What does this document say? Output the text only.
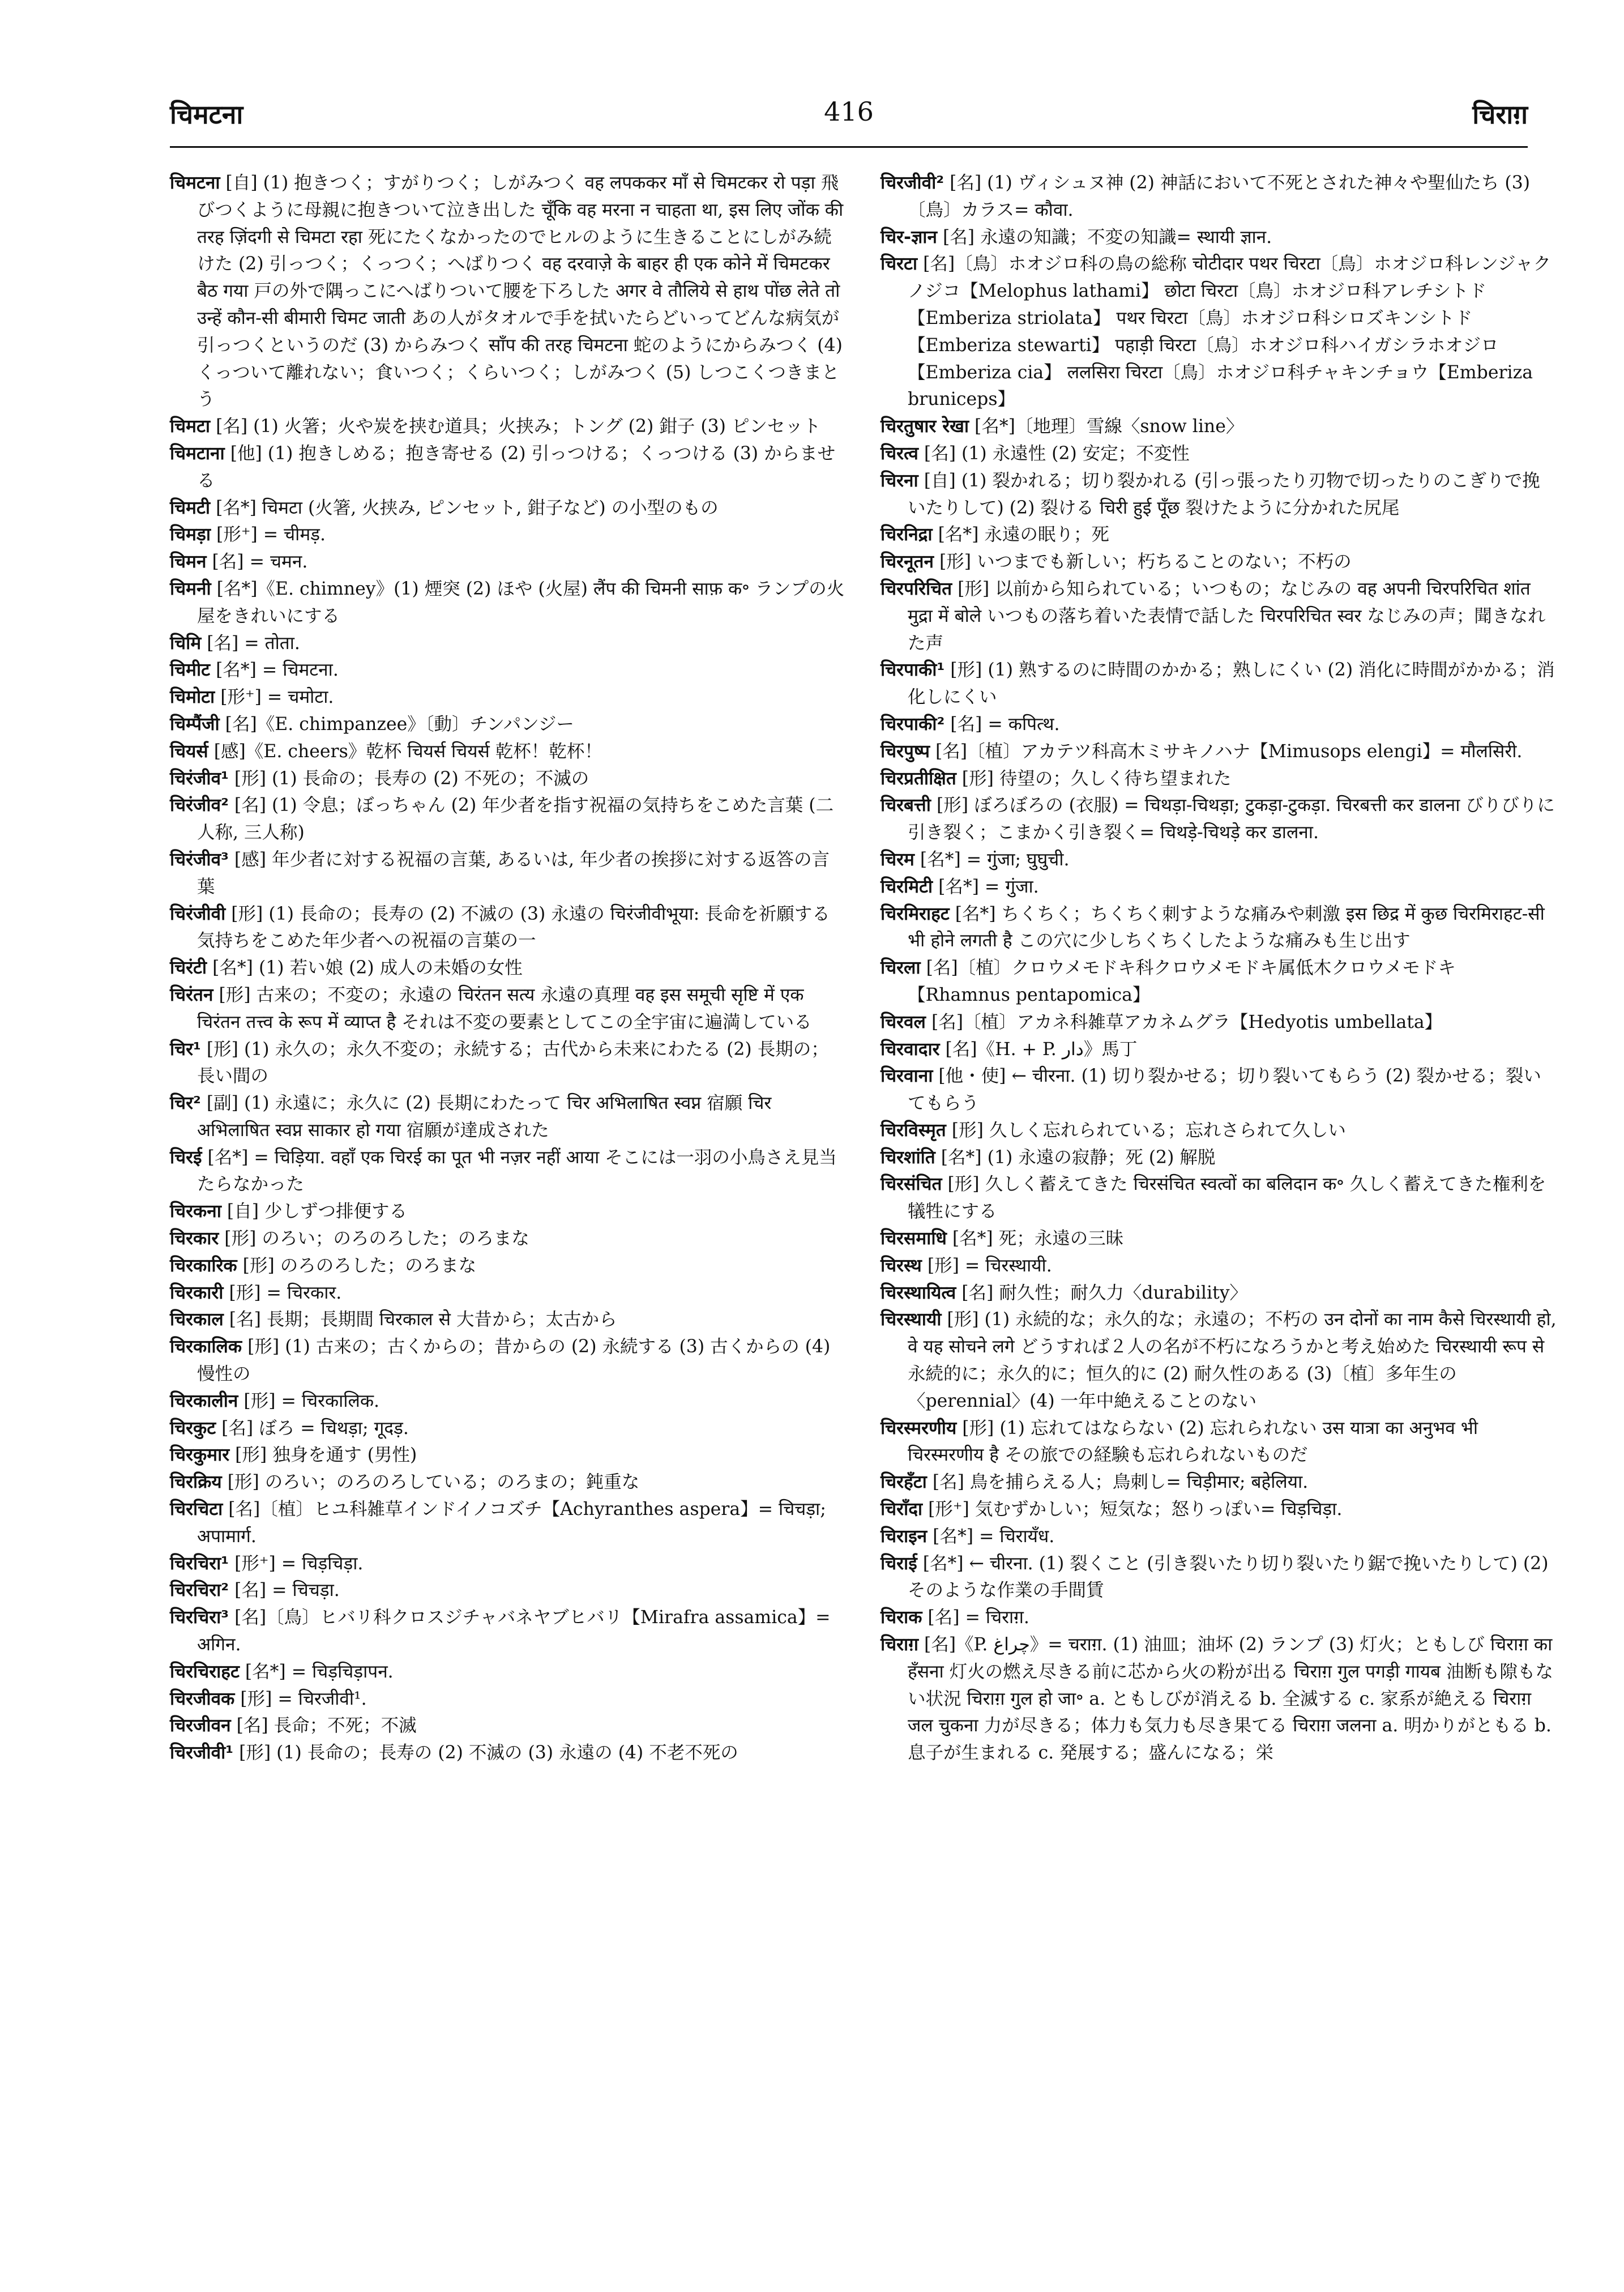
चिमटना	416	चिराग़

चिमटना [自] (1) 抱きつく；すがりつく；しがみつく वह लपककर माँ से चिमटकर रो पड़ा 飛びつくように母親に抱きついて泣き出した चूँकि वह मरना न चाहता था, इस लिए जोंक की तरह ज़िंदगी से चिमटा रहा 死にたくなかったのでヒルのように生きることにしがみ続けた (2) 引っつく；くっつく；へばりつく वह दरवाज़े के बाहर ही एक कोने में चिमटकर बैठ गया 戸の外で隅っこにへばりついて腰を下ろした अगर वे तौलिये से हाथ पोंछ लेते तो उन्हें कौन-सी बीमारी चिमट जाती あの人がタオルで手を拭いたらどいってどんな病気が引っつくというのだ (3) からみつく साँप की तरह चिमटना 蛇のようにからみつく (4) くっついて離れない；食いつく；くらいつく；しがみつく (5) しつこくつきまとう

चिमटा [名] (1) 火箸；火や炭を挟む道具；火挟み；トング (2) 鉗子 (3) ピンセット

चिमटाना [他] (1) 抱きしめる；抱き寄せる (2) 引っつける；くっつける (3) からませる

चिमटी [名*] चिमटा (火箸, 火挟み, ピンセット, 鉗子など) の小型のもの

चिमड़ा [形⁺] = चीमड़.

चिमन [名] = चमन.

चिमनी [名*]《E. chimney》(1) 煙突 (2) ほや (火屋) लैंप की चिमनी साफ़ क॰ ランプの火屋をきれいにする

चिमि [名] = तोता.

चिमीट [名*] = चिमटना.

चिमोटा [形⁺] = चमोटा.

चिम्पैंजी [名]《E. chimpanzee》〔動〕チンパンジー

चियर्स [感]《E. cheers》乾杯 चियर्स चियर्स 乾杯！乾杯！

चिरंजीव¹ [形] (1) 長命の；長寿の (2) 不死の；不滅の

चिरंजीव² [名] (1) 令息；ぼっちゃん (2) 年少者を指す祝福の気持ちをこめた言葉 (二人称, 三人称)

चिरंजीव³ [感] 年少者に対する祝福の言葉, あるいは, 年少者の挨拶に対する返答の言葉

चिरंजीवी [形] (1) 長命の；長寿の (2) 不滅の (3) 永遠の चिरंजीवीभूया: 長命を祈願する気持ちをこめた年少者への祝福の言葉の一

चिरंटी [名*] (1) 若い娘 (2) 成人の未婚の女性

चिरंतन [形] 古来の；不変の；永遠の चिरंतन सत्य 永遠の真理 वह इस समूची सृष्टि में एक चिरंतन तत्त्व के रूप में व्याप्त है それは不変の要素としてこの全宇宙に遍満している

चिर¹ [形] (1) 永久の；永久不変の；永続する；古代から未来にわたる (2) 長期の；長い間の

चिर² [副] (1) 永遠に；永久に (2) 長期にわたって चिर अभिलाषित स्वप्न 宿願 चिर अभिलाषित स्वप्न साकार हो गया 宿願が達成された

चिरई [名*] = चिड़िया. वहाँ एक चिरई का पूत भी नज़र नहीं आया そこには一羽の小鳥さえ見当たらなかった

चिरकना [自] 少しずつ排便する

चिरकार [形] のろい；のろのろした；のろまな

चिरकारिक [形] のろのろした；のろまな

चिरकारी [形] = चिरकार.

चिरकाल [名] 長期；長期間 चिरकाल से 大昔から；太古から

चिरकालिक [形] (1) 古来の；古くからの；昔からの (2) 永続する (3) 古くからの (4) 慢性の

चिरकालीन [形] = चिरकालिक.

चिरकुट [名] ぼろ = चिथड़ा; गूदड़.

चिरकुमार [形] 独身を通す (男性)

चिरक्रिय [形] のろい；のろのろしている；のろまの；鈍重な

चिरचिटा [名]〔植〕ヒユ科雑草インドイノコズチ【Achyranthes aspera】= चिचड़ा; अपामार्ग.

चिरचिरा¹ [形⁺] = चिड़चिड़ा.

चिरचिरा² [名] = चिचड़ा.

चिरचिरा³ [名]〔鳥〕ヒバリ科クロスジチャバネヤブヒバリ【Mirafra assamica】= अगिन.

चिरचिराहट [名*] = चिड़चिड़ापन.

चिरजीवक [形] = चिरजीवी¹.

चिरजीवन [名] 長命；不死；不滅

चिरजीवी¹ [形] (1) 長命の；長寿の (2) 不滅の (3) 永遠の (4) 不老不死の

चिरजीवी² [名] (1) ヴィシュヌ神 (2) 神話において不死とされた神々や聖仙たち (3)〔鳥〕カラス= कौवा.

चिर-ज्ञान [名] 永遠の知識；不変の知識= स्थायी ज्ञान.

चिरटा [名]〔鳥〕ホオジロ科の鳥の総称 चोटीदार पथर चिरटा〔鳥〕ホオジロ科レンジャクノジコ【Melophus lathami】 छोटा चिरटा〔鳥〕ホオジロ科アレチシトド【Emberiza striolata】 पथर चिरटा〔鳥〕ホオジロ科シロズキンシトド【Emberiza stewarti】 पहाड़ी चिरटा〔鳥〕ホオジロ科ハイガシラホオジロ【Emberiza cia】 ललसिरा चिरटा〔鳥〕ホオジロ科チャキンチョウ【Emberiza bruniceps】

चिरतुषार रेखा [名*]〔地理〕雪線〈snow line〉

चिरत्व [名] (1) 永遠性 (2) 安定；不変性

चिरना [自] (1) 裂かれる；切り裂かれる (引っ張ったり刃物で切ったりのこぎりで挽いたりして) (2) 裂ける चिरी हुई पूँछ 裂けたように分かれた尻尾

चिरनिद्रा [名*] 永遠の眠り；死

चिरनूतन [形] いつまでも新しい；朽ちることのない；不朽の

चिरपरिचित [形] 以前から知られている；いつもの；なじみの वह अपनी चिरपरिचित शांत मुद्रा में बोले いつもの落ち着いた表情で話した चिरपरिचित स्वर なじみの声；聞きなれた声

चिरपाकी¹ [形] (1) 熟するのに時間のかかる；熟しにくい (2) 消化に時間がかかる；消化しにくい

चिरपाकी² [名] = कपित्थ.

चिरपुष्प [名]〔植〕アカテツ科高木ミサキノハナ【Mimusops elengi】= मौलसिरी.

चिरप्रतीक्षित [形] 待望の；久しく待ち望まれた

चिरबत्ती [形] ぼろぼろの (衣服) = चिथड़ा-चिथड़ा; टुकड़ा-टुकड़ा. चिरबत्ती कर डालना びりびりに引き裂く；こまかく引き裂く= चिथड़े-चिथड़े कर डालना.

चिरम [名*] = गुंजा; घुघुची.

चिरमिटी [名*] = गुंजा.

चिरमिराहट [名*] ちくちく；ちくちく刺すような痛みや刺激 इस छिद्र में कुछ चिरमिराहट-सी भी होने लगती है この穴に少しちくちくしたような痛みも生じ出す

चिरला [名]〔植〕クロウメモドキ科クロウメモドキ属低木クロウメモドキ【Rhamnus pentapomica】

चिरवल [名]〔植〕アカネ科雑草アカネムグラ【Hedyotis umbellata】

चिरवादार [名]《H. + P. دار》馬丁

चिरवाना [他・使] ← चीरना. (1) 切り裂かせる；切り裂いてもらう (2) 裂かせる；裂いてもらう

चिरविस्मृत [形] 久しく忘れられている；忘れさられて久しい

चिरशांति [名*] (1) 永遠の寂静；死 (2) 解脱

चिरसंचित [形] 久しく蓄えてきた चिरसंचित स्वत्वों का बलिदान क॰ 久しく蓄えてきた権利を犠牲にする

चिरसमाधि [名*] 死；永遠の三昧

चिरस्थ [形] = चिरस्थायी.

चिरस्थायित्व [名] 耐久性；耐久力〈durability〉

चिरस्थायी [形] (1) 永続的な；永久的な；永遠の；不朽の उन दोनों का नाम कैसे चिरस्थायी हो, वे यह सोचने लगे どうすれば２人の名が不朽になろうかと考え始めた चिरस्थायी रूप से 永続的に；永久的に；恒久的に (2) 耐久性のある (3)〔植〕多年生の〈perennial〉(4) 一年中絶えることのない

चिरस्मरणीय [形] (1) 忘れてはならない (2) 忘れられない उस यात्रा का अनुभव भी चिरस्मरणीय है その旅での経験も忘れられないものだ

चिरहँटा [名] 鳥を捕らえる人；鳥刺し= चिड़ीमार; बहेलिया.

चिराँदा [形⁺] 気むずかしい；短気な；怒りっぽい= चिड़चिड़ा.

चिराइन [名*] = चिरायँध.

चिराई [名*] ← चीरना. (1) 裂くこと (引き裂いたり切り裂いたり鋸で挽いたりして) (2) そのような作業の手間賃

चिराक [名] = चिराग़.

चिराग़ [名]《P. چراغ》= चराग़. (1) 油皿；油坏 (2) ランプ (3) 灯火；ともしび चिराग़ का हँसना 灯火の燃え尽きる前に芯から火の粉が出る चिराग़ गुल पगड़ी गायब 油断も隙もない状況 चिराग़ गुल हो जा॰ a. ともしびが消える b. 全滅する c. 家系が絶える चिराग़ जल चुकना 力が尽きる；体力も気力も尽き果てる चिराग़ जलना a. 明かりがともる b. 息子が生まれる c. 発展する；盛んになる；栄
